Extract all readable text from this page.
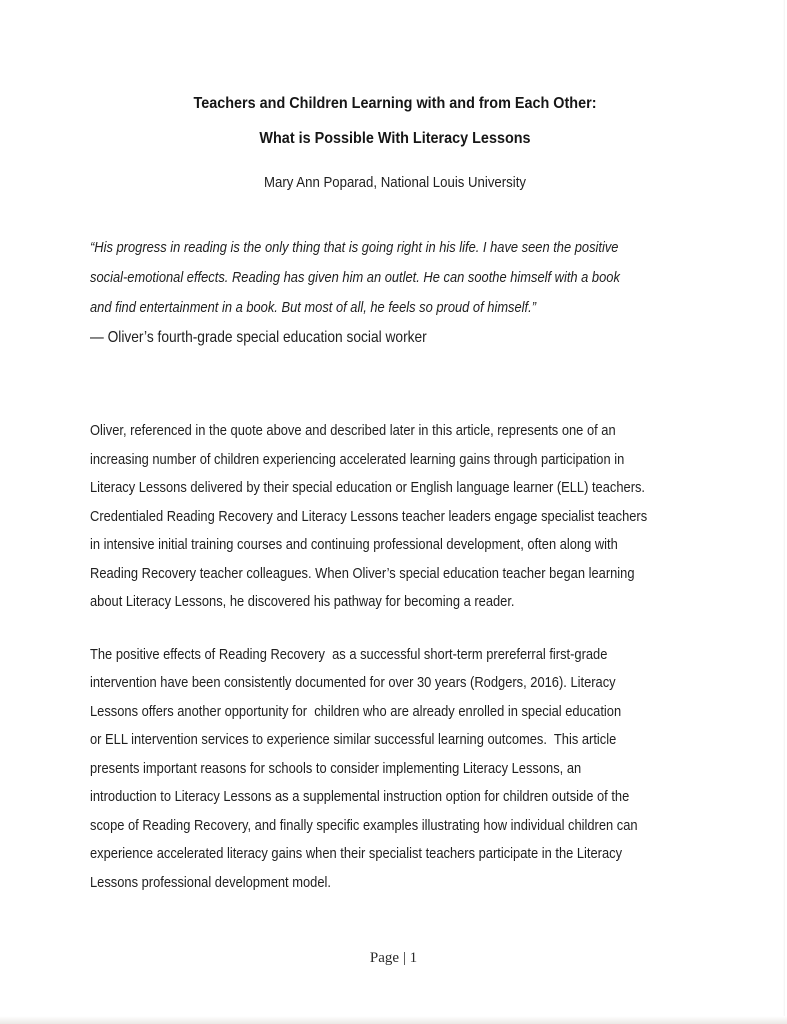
Teachers and Children Learning with and from Each Other:
What is Possible With Literacy Lessons
Mary Ann Poparad, National Louis University
“His progress in reading is the only thing that is going right in his life. I have seen the positive
social-emotional effects. Reading has given him an outlet. He can soothe himself with a book
and find entertainment in a book. But most of all, he feels so proud of himself.”
— Oliver’s fourth-grade special education social worker
Oliver, referenced in the quote above and described later in this article, represents one of an
increasing number of children experiencing accelerated learning gains through participation in
Literacy Lessons delivered by their special education or English language learner (ELL) teachers.
Credentialed Reading Recovery and Literacy Lessons teacher leaders engage specialist teachers
in intensive initial training courses and continuing professional development, often along with
Reading Recovery teacher colleagues. When Oliver’s special education teacher began learning
about Literacy Lessons, he discovered his pathway for becoming a reader.
The positive effects of Reading Recovery  as a successful short-term prereferral first-grade
intervention have been consistently documented for over 30 years (Rodgers, 2016). Literacy
Lessons offers another opportunity for  children who are already enrolled in special education
or ELL intervention services to experience similar successful learning outcomes.  This article
presents important reasons for schools to consider implementing Literacy Lessons, an
introduction to Literacy Lessons as a supplemental instruction option for children outside of the
scope of Reading Recovery, and finally specific examples illustrating how individual children can
experience accelerated literacy gains when their specialist teachers participate in the Literacy
Lessons professional development model.
Page | 1
